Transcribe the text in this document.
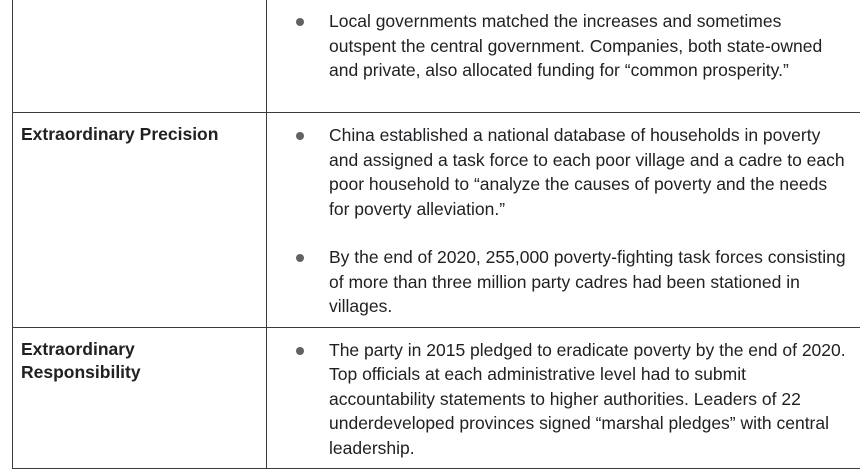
Local governments matched the increases and sometimes outspent the central government. Companies, both state-owned and private, also allocated funding for “common prosperity.”

Extraordinary Precision	China established a national database of households in poverty and assigned a task force to each poor village and a cadre to each poor household to “analyze the causes of poverty and the needs for poverty alleviation.”
By the end of 2020, 255,000 poverty-fighting task forces consisting of more than three million party cadres had been stationed in villages.

Extraordinary Responsibility	The party in 2015 pledged to eradicate poverty by the end of 2020. Top officials at each administrative level had to submit accountability statements to higher authorities. Leaders of 22 underdeveloped provinces signed “marshal pledges” with central leadership.
